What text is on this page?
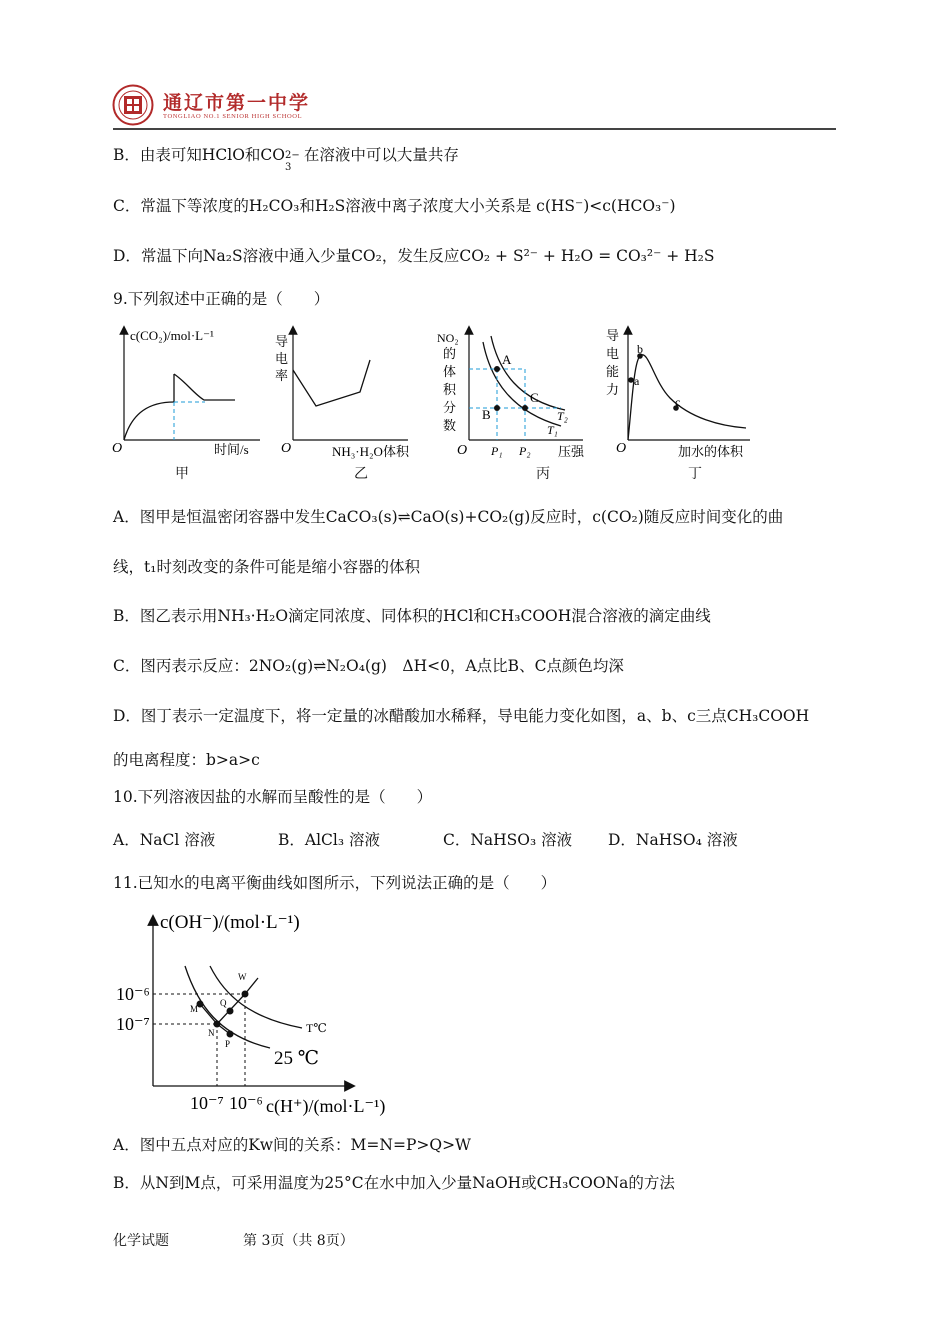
通辽市第一中学
TONGLIAO NO.1 SENIOR HIGH SCHOOL
B．由表可知HClO和CO 2−
3
在溶液中可以大量共存
C．常温下等浓度的H₂CO₃和H₂S溶液中离子浓度大小关系是 c(HS⁻)<c(HCO₃⁻)
D．常温下向Na₂S溶液中通入少量CO₂，发生反应CO₂ + S²⁻ + H₂O = CO₃²⁻ + H₂S
9.下列叙述中正确的是（　　）
c(CO₂)/mol·L⁻¹
O	时间/s
甲
导
电
率
O	NH₃·H₂O体积
乙
A
B
C
T₂
T₁
NO₂
的
体
积
分
数
O P₁ P₂ 压强
丙
a
b
c
导
电
能
力
O	加水的体积
丁
A．图甲是恒温密闭容器中发生CaCO₃(s)⇌CaO(s)+CO₂(g)反应时，c(CO₂)随反应时间变化的曲
线，t₁时刻改变的条件可能是缩小容器的体积
B．图乙表示用NH₃·H₂O滴定同浓度、同体积的HCl和CH₃COOH混合溶液的滴定曲线
C．图丙表示反应：2NO₂(g)⇌N₂O₄(g)　ΔH<0，A点比B、C点颜色均深
D．图丁表示一定温度下，将一定量的冰醋酸加水稀释，导电能力变化如图，a、b、c三点CH₃COOH
的电离程度：b>a>c
10.下列溶液因盐的水解而呈酸性的是（　　）
A．NaCl 溶液	B．AlCl₃ 溶液	C．NaHSO₃ 溶液 D．NaHSO₄ 溶液
11.已知水的电离平衡曲线如图所示，下列说法正确的是（　　）
W
M
Q
N
P
c(OH⁻)/(mol·L⁻¹)
10⁻⁶
10⁻⁷	T℃
25 ℃
10⁻⁷ 10⁻⁶ c(H⁺)/(mol·L⁻¹)
A．图中五点对应的Kw间的关系：M=N=P>Q>W
B．从N到M点，可采用温度为25°C在水中加入少量NaOH或CH₃COONa的方法
化学试题	第 3页（共 8页）
